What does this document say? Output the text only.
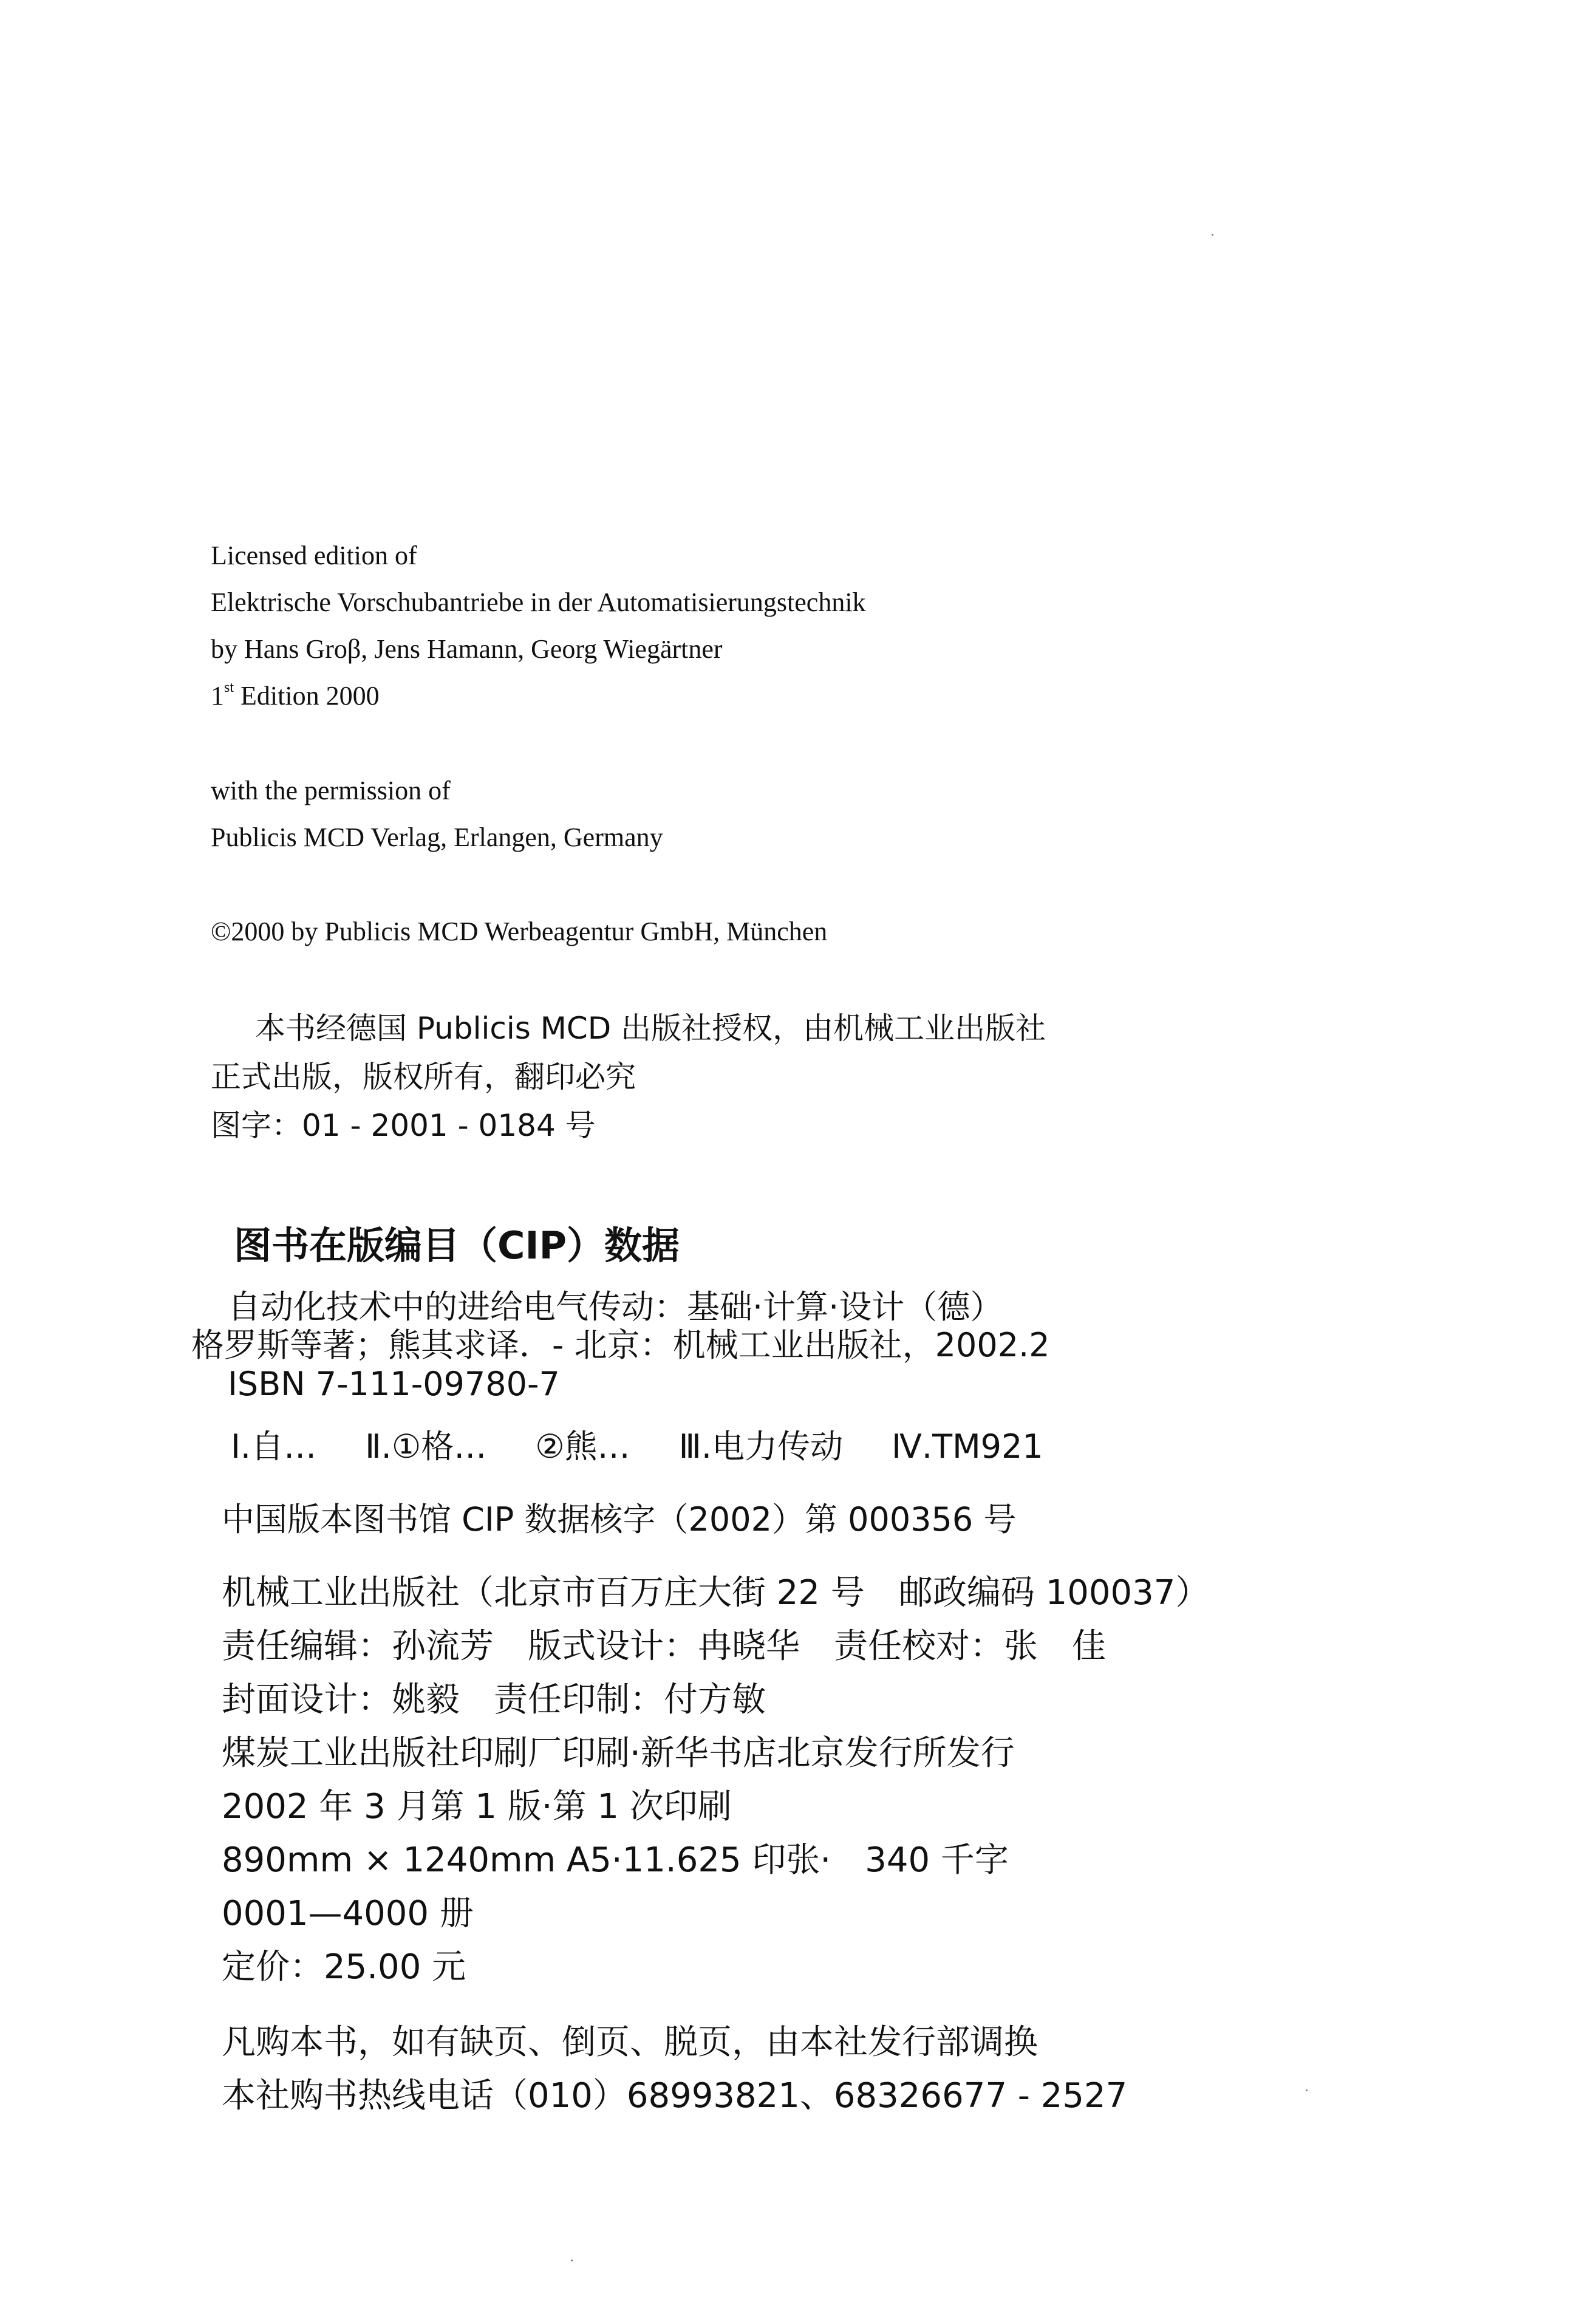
Licensed edition of
Elektrische Vorschubantriebe in der Automatisierungstechnik
by Hans Groβ, Jens Hamann, Georg Wiegärtner
1st Edition 2000
with the permission of
Publicis MCD Verlag, Erlangen, Germany
©2000 by Publicis MCD Werbeagentur GmbH, München
本书经德国 Publicis MCD 出版社授权，由机械工业出版社
正式出版，版权所有，翻印必究
图字：01 - 2001 - 0184 号
图书在版编目（CIP）数据
自动化技术中的进给电气传动：基础·计算·设计（德）
格罗斯等著；熊其求译．- 北京：机械工业出版社，2002.2
ISBN 7-111-09780-7
Ⅰ.自… Ⅱ.①格… ②熊… Ⅲ.电力传动 Ⅳ.TM921
中国版本图书馆 CIP 数据核字（2002）第 000356 号
机械工业出版社（北京市百万庄大街 22 号　邮政编码 100037）
责任编辑：孙流芳　版式设计：冉晓华　责任校对：张　佳
封面设计：姚毅　责任印制：付方敏
煤炭工业出版社印刷厂印刷·新华书店北京发行所发行
2002 年 3 月第 1 版·第 1 次印刷
890mm × 1240mm A5·11.625 印张·　340 千字
0001—4000 册
定价：25.00 元
凡购本书，如有缺页、倒页、脱页，由本社发行部调换
本社购书热线电话（010）68993821、68326677 - 2527
